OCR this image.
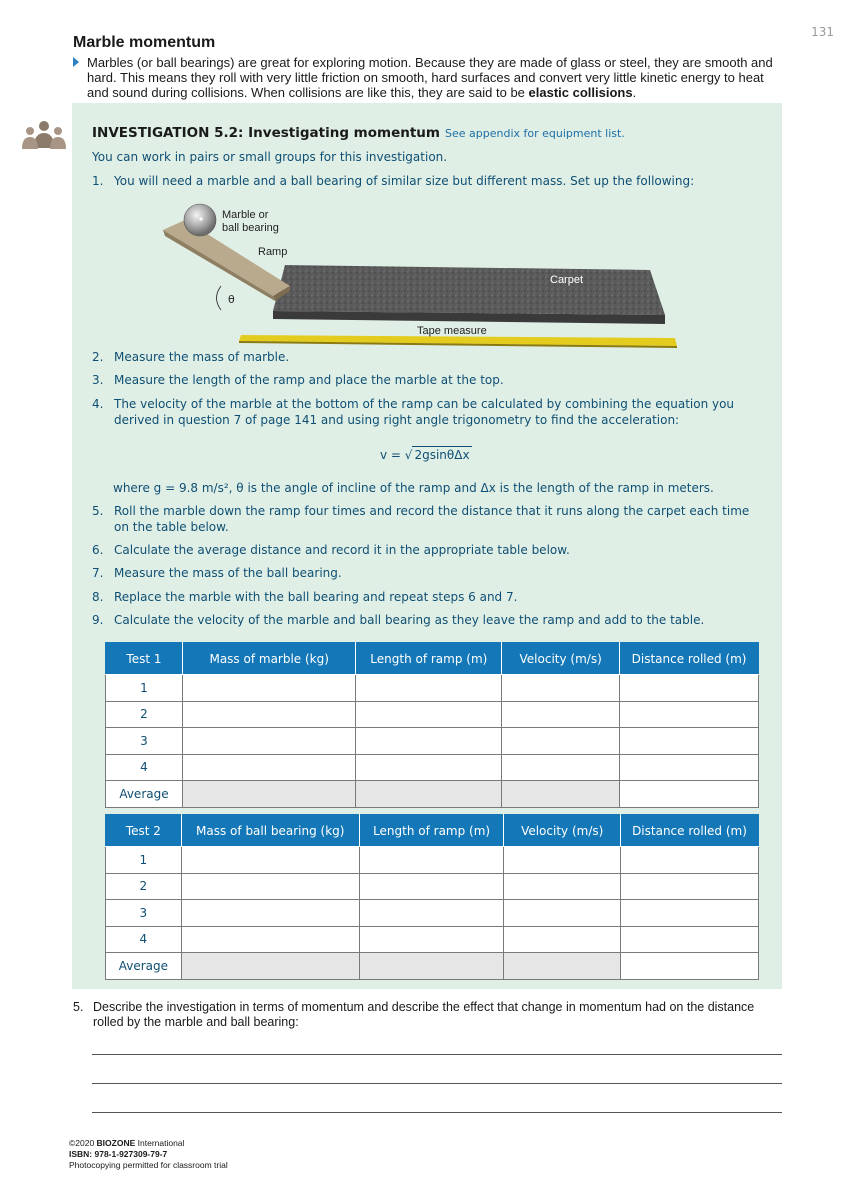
131
Marble momentum
Marbles (or ball bearings) are great for exploring motion. Because they are made of glass or steel, they are smooth and hard. This means they roll with very little friction on smooth, hard surfaces and convert very little kinetic energy to heat and sound during collisions. When collisions are like this, they are said to be elastic collisions.
INVESTIGATION 5.2: Investigating momentum See appendix for equipment list.
You can work in pairs or small groups for this investigation.
1. You will need a marble and a ball bearing of similar size but different mass. Set up the following:
θ
Marble or
ball bearing
Ramp
Carpet
Tape measure
2. Measure the mass of marble.
3. Measure the length of the ramp and place the marble at the top.
4. The velocity of the marble at the bottom of the ramp can be calculated by combining the equation you derived in question 7 of page 141 and using right angle trigonometry to find the acceleration:
v = √ 2gsinθΔx
where g = 9.8 m/s², θ is the angle of incline of the ramp and Δx is the length of the ramp in meters.
5. Roll the marble down the ramp four times and record the distance that it runs along the carpet each time on the table below.
6. Calculate the average distance and record it in the appropriate table below.
7. Measure the mass of the ball bearing.
8. Replace the marble with the ball bearing and repeat steps 6 and 7.
9. Calculate the velocity of the marble and ball bearing as they leave the ramp and add to the table.
Test 1	Mass of marble (kg)	Length of ramp (m)	Velocity (m/s)	Distance rolled (m)
1				
2				
3				
4				
Average				
Test 2	Mass of ball bearing (kg)	Length of ramp (m)	Velocity (m/s)	Distance rolled (m)
1				
2				
3				
4				
Average				
5. Describe the investigation in terms of momentum and describe the effect that change in momentum had on the distance rolled by the marble and ball bearing:
©2020 BIOZONE International
ISBN: 978-1-927309-79-7
Photocopying permitted for classroom trial
